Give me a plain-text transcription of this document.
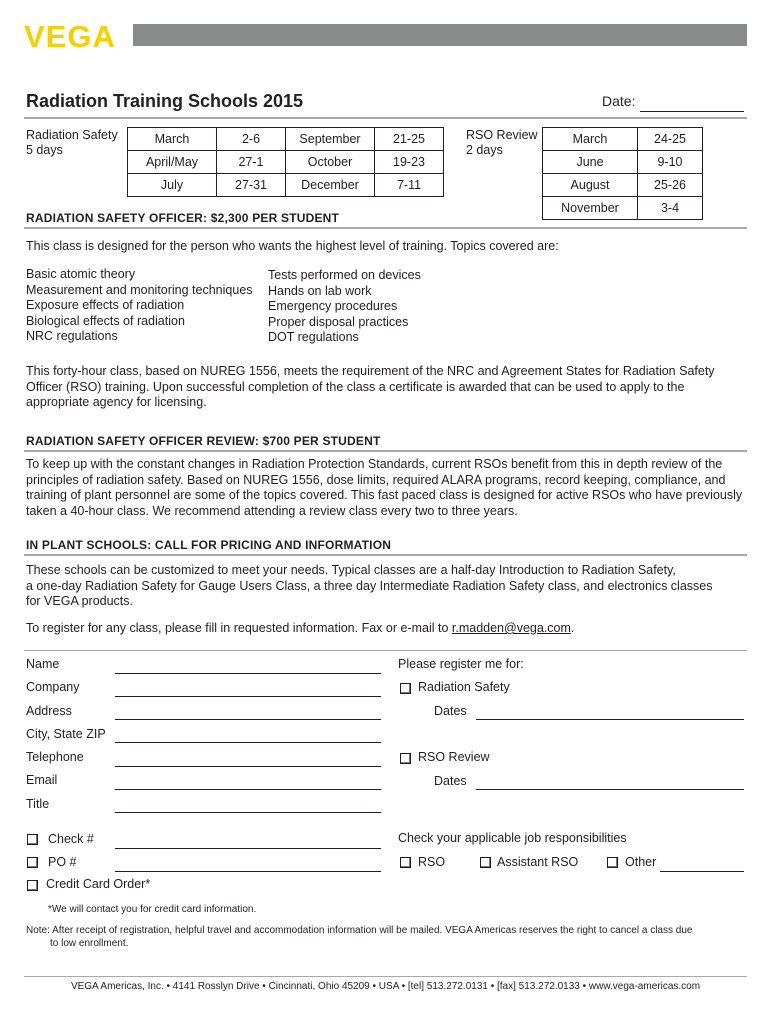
VEGA
Radiation Training Schools 2015	Date:
Radiation Safety
5 days
March	2-6	September	21-25
April/May	27-1	October	19-23
July	27-31	December	7-11
RSO Review
2 days
March	24-25
June	9-10
August	25-26
November	3-4
RADIATION SAFETY OFFICER: $2,300 PER STUDENT
This class is designed for the person who wants the highest level of training. Topics covered are:
Basic atomic theory
Measurement and monitoring techniques
Exposure effects of radiation
Biological effects of radiation
NRC regulations
Tests performed on devices
Hands on lab work
Emergency procedures
Proper disposal practices
DOT regulations
This forty-hour class, based on NUREG 1556, meets the requirement of the NRC and Agreement States for Radiation Safety Officer (RSO) training. Upon successful completion of the class a certificate is awarded that can be used to apply to the appropriate agency for licensing.
RADIATION SAFETY OFFICER REVIEW: $700 PER STUDENT
To keep up with the constant changes in Radiation Protection Standards, current RSOs benefit from this in depth review of the principles of radiation safety. Based on NUREG 1556, dose limits, required ALARA programs, record keeping, compliance, and training of plant personnel are some of the topics covered. This fast paced class is designed for active RSOs who have previously taken a 40-hour class. We recommend attending a review class every two to three years.
IN PLANT SCHOOLS: CALL FOR PRICING AND INFORMATION
These schools can be customized to meet your needs. Typical classes are a half-day Introduction to Radiation Safety,
a one-day Radiation Safety for Gauge Users Class, a three day Intermediate Radiation Safety class, and electronics classes
for VEGA products.
To register for any class, please fill in requested information. Fax or e-mail to r.madden@vega.com.
Name
Company
Address
City, State ZIP
Telephone
Email
Title
Check #
PO #
Credit Card Order*
Please register me for:
Radiation Safety
Dates
RSO Review
Dates
Check your applicable job responsibilities
RSO	Assistant RSO	Other
*We will contact you for credit card information.
Note: After receipt of registration, helpful travel and accommodation information will be mailed. VEGA Americas reserves the right to cancel a class due
to low enrollment.
VEGA Americas, Inc. • 4141 Rosslyn Drive • Cincinnati, Ohio 45209 • USA • [tel] 513.272.0131 • [fax] 513.272.0133 • www.vega-americas.com
